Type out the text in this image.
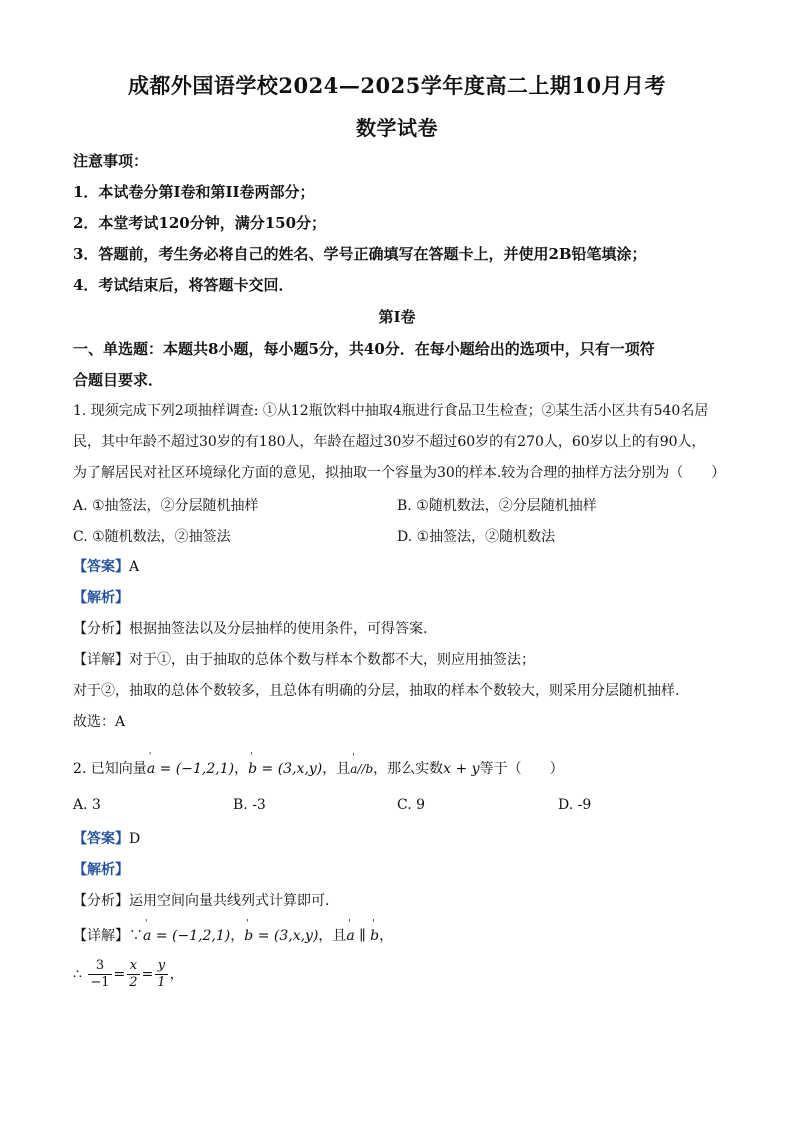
成都外国语学校2024—2025学年度高二上期10月月考
数学试卷
注意事项：
1．本试卷分第I卷和第II卷两部分；
2．本堂考试120分钟，满分150分；
3．答题前，考生务必将自己的姓名、学号正确填写在答题卡上，并使用2B铅笔填涂；
4．考试结束后，将答题卡交回．
第I卷
一、单选题：本题共8小题，每小题5分，共40分．在每小题给出的选项中，只有一项符
合题目要求．
1. 现须完成下列2项抽样调查: ①从12瓶饮料中抽取4瓶进行食品卫生检查；②某生活小区共有540名居
民，其中年龄不超过30岁的有180人，年龄在超过30岁不超过60岁的有270人，60岁以上的有90人，
为了解居民对社区环境绿化方面的意见，拟抽取一个容量为30的样本.较为合理的抽样方法分别为（　　）
A. ①抽签法，②分层随机抽样	B. ①随机数法，②分层随机抽样
C. ①随机数法，②抽签法	D. ①抽签法，②随机数法
【答案】A
【解析】
【分析】根据抽签法以及分层抽样的使用条件，可得答案.
【详解】对于①，由于抽取的总体个数与样本个数都不大，则应用抽签法；
对于②，抽取的总体个数较多，且总体有明确的分层，抽取的样本个数较大，则采用分层随机抽样.
故选：A
2. 已知向量' a = (−1,2,1)，' b = (3,x,y)，且' a//b，那么实数x + y等于（　　）
A. 3	B. -3	C. 9	D. -9
【答案】D
【解析】
【分析】运用空间向量共线列式计算即可.
【详解】∵' a = (−1,2,1)，' b = (3,x,y)，且' a ∥ ' b，
∴ $\frac{3}{-1} = \frac{x}{2} = \frac{y}{1}$ ，
